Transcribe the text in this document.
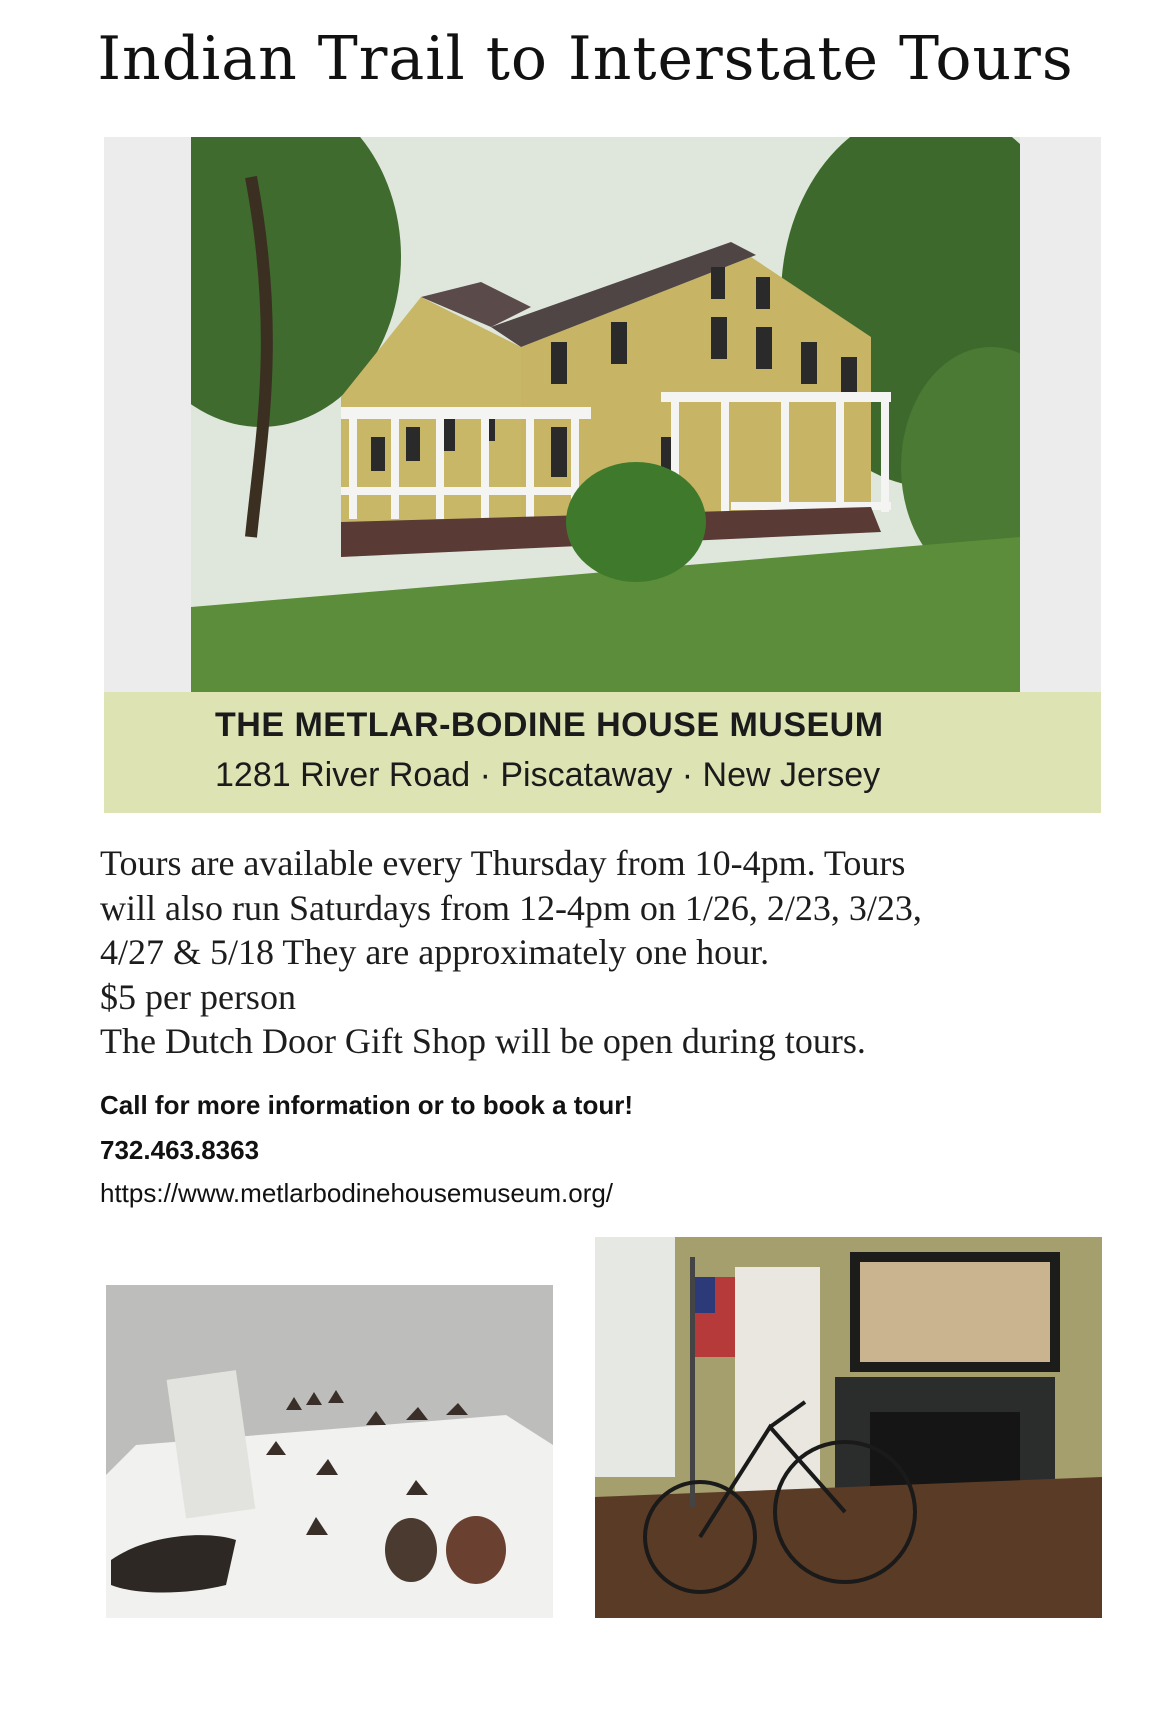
Indian Trail to Interstate Tours
THE METLAR-BODINE HOUSE MUSEUM
1281 River Road · Piscataway · New Jersey
Tours are available every Thursday from 10-4pm. Tours
will also run Saturdays from 12-4pm on 1/26, 2/23, 3/23,
4/27 & 5/18 They are approximately one hour.
$5 per person
The Dutch Door Gift Shop will be open during tours.
Call for more information or to book a tour!
732.463.8363
https://www.metlarbodinehousemuseum.org/
